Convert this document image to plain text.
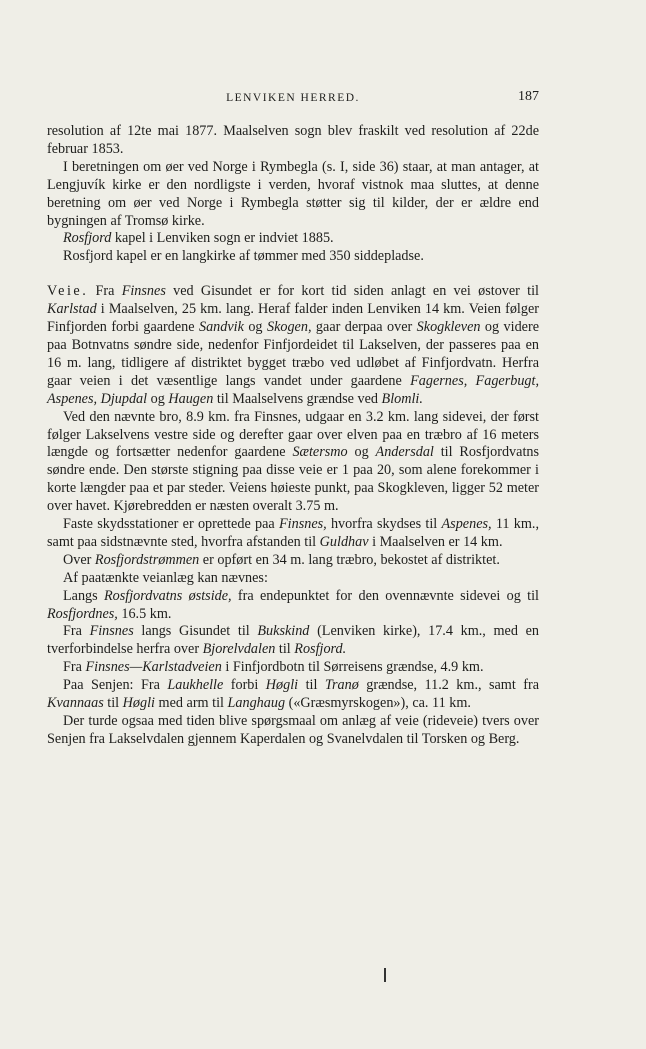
LENVIKEN HERRED.	187

resolution af 12te mai 1877. Maalselven sogn blev fraskilt ved resolution af 22de februar 1853.

I beretningen om øer ved Norge i Rymbegla (s. I, side 36) staar, at man antager, at Lengjuvík kirke er den nordligste i verden, hvoraf vistnok maa sluttes, at denne beretning om øer ved Norge i Rymbegla støtter sig til kilder, der er ældre end bygningen af Tromsø kirke.

Rosfjord kapel i Lenviken sogn er indviet 1885.

Rosfjord kapel er en langkirke af tømmer med 350 siddepladse.

Veie. Fra Finsnes ved Gisundet er for kort tid siden anlagt en vei østover til Karlstad i Maalselven, 25 km. lang. Heraf falder inden Lenviken 14 km. Veien følger Finfjorden forbi gaardene Sandvik og Skogen, gaar derpaa over Skogkleven og videre paa Botnvatns søndre side, nedenfor Finfjordeidet til Lakselven, der passeres paa en 16 m. lang, tidligere af distriktet bygget træbo ved udløbet af Finfjordvatn. Herfra gaar veien i det væsentlige langs vandet under gaardene Fagernes, Fagerbugt, Aspenes, Djupdal og Haugen til Maalselvens grændse ved Blomli.

Ved den nævnte bro, 8.9 km. fra Finsnes, udgaar en 3.2 km. lang sidevei, der først følger Lakselvens vestre side og derefter gaar over elven paa en træbro af 16 meters længde og fortsætter nedenfor gaardene Sætersmo og Andersdal til Rosfjordvatns søndre ende. Den største stigning paa disse veie er 1 paa 20, som alene forekommer i korte længder paa et par steder. Veiens høieste punkt, paa Skogkleven, ligger 52 meter over havet. Kjørebredden er næsten overalt 3.75 m.

Faste skydsstationer er oprettede paa Finsnes, hvorfra skydses til Aspenes, 11 km., samt paa sidstnævnte sted, hvorfra afstanden til Guldhav i Maalselven er 14 km.

Over Rosfjordstrømmen er opført en 34 m. lang træbro, bekostet af distriktet.

Af paatænkte veianlæg kan nævnes:

Langs Rosfjordvatns østside, fra endepunktet for den ovennævnte sidevei og til Rosfjordnes, 16.5 km.

Fra Finsnes langs Gisundet til Bukskind (Lenviken kirke), 17.4 km., med en tverforbindelse herfra over Bjorelvdalen til Rosfjord.

Fra Finsnes—Karlstadveien i Finfjordbotn til Sørreisens grændse, 4.9 km.

Paa Senjen: Fra Laukhelle forbi Høgli til Tranø grændse, 11.2 km., samt fra Kvannaas til Høgli med arm til Langhaug («Græsmyrskogen»), ca. 11 km.

Der turde ogsaa med tiden blive spørgsmaal om anlæg af veie (rideveie) tvers over Senjen fra Lakselvdalen gjennem Kaperdalen og Svanelvdalen til Torsken og Berg.
